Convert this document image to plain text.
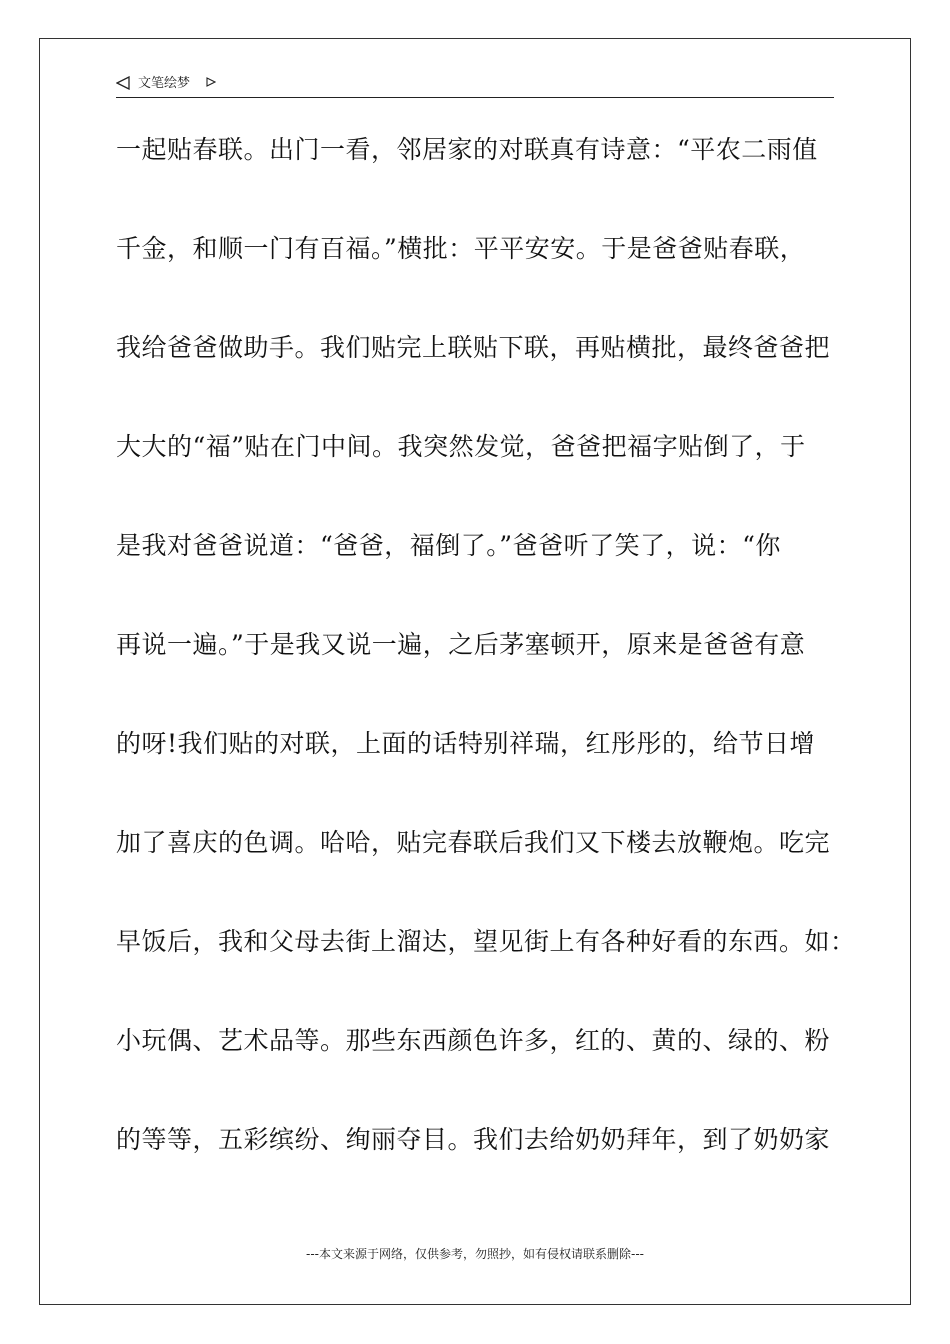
文笔绘梦
一起贴春联。出门一看，邻居家的对联真有诗意：“平农二雨值
千金，和顺一门有百福。”横批：平平安安。于是爸爸贴春联，
我给爸爸做助手。我们贴完上联贴下联，再贴横批，最终爸爸把
大大的“福”贴在门中间。我突然发觉，爸爸把福字贴倒了，于
是我对爸爸说道：“爸爸，福倒了。”爸爸听了笑了，说：“你
再说一遍。”于是我又说一遍，之后茅塞顿开，原来是爸爸有意
的呀!我们贴的对联，上面的话特别祥瑞，红彤彤的，给节日增
加了喜庆的色调。哈哈，贴完春联后我们又下楼去放鞭炮。吃完
早饭后，我和父母去街上溜达，望见街上有各种好看的东西。如：
小玩偶、艺术品等。那些东西颜色许多，红的、黄的、绿的、粉
的等等，五彩缤纷、绚丽夺目。我们去给奶奶拜年，到了奶奶家
---本文来源于网络，仅供参考，勿照抄，如有侵权请联系删除---
